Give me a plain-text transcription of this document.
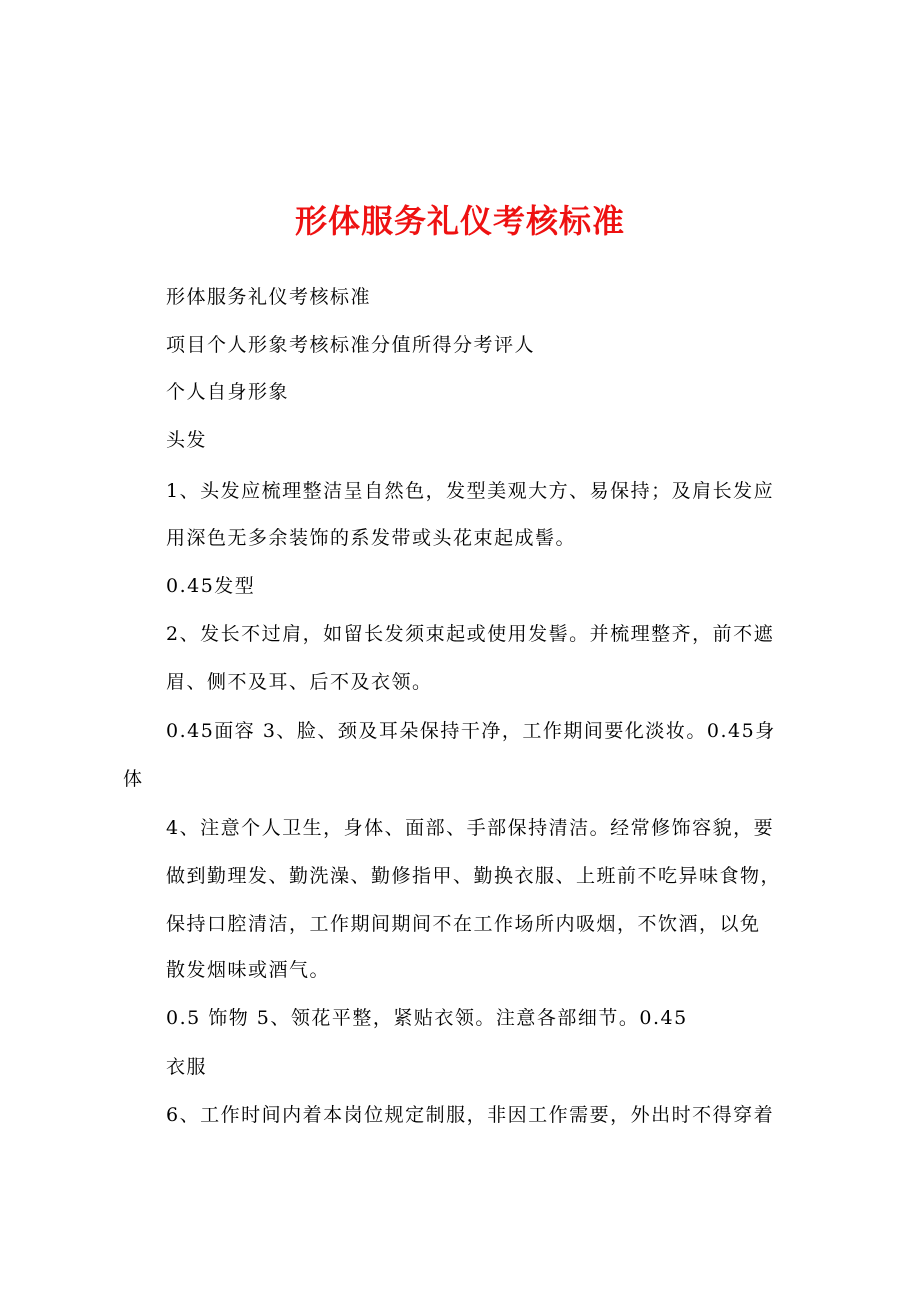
形体服务礼仪考核标准
形体服务礼仪考核标准
项目个人形象考核标准分值所得分考评人
个人自身形象
头发
1、头发应梳理整洁呈自然色，发型美观大方、易保持；及肩长发应
用深色无多余装饰的系发带或头花束起成髻。
0.45发型
2、发长不过肩，如留长发须束起或使用发髻。并梳理整齐，前不遮
眉、侧不及耳、后不及衣领。
0.45面容 3、脸、颈及耳朵保持干净，工作期间要化淡妆。0.45身
体
4、注意个人卫生，身体、面部、手部保持清洁。经常修饰容貌，要
做到勤理发、勤洗澡、勤修指甲、勤换衣服、上班前不吃异味食物，
保持口腔清洁，工作期间期间不在工作场所内吸烟，不饮酒，以免
散发烟味或酒气。
0.5 饰物 5、领花平整，紧贴衣领。注意各部细节。0.45
衣服
6、工作时间内着本岗位规定制服，非因工作需要，外出时不得穿着
